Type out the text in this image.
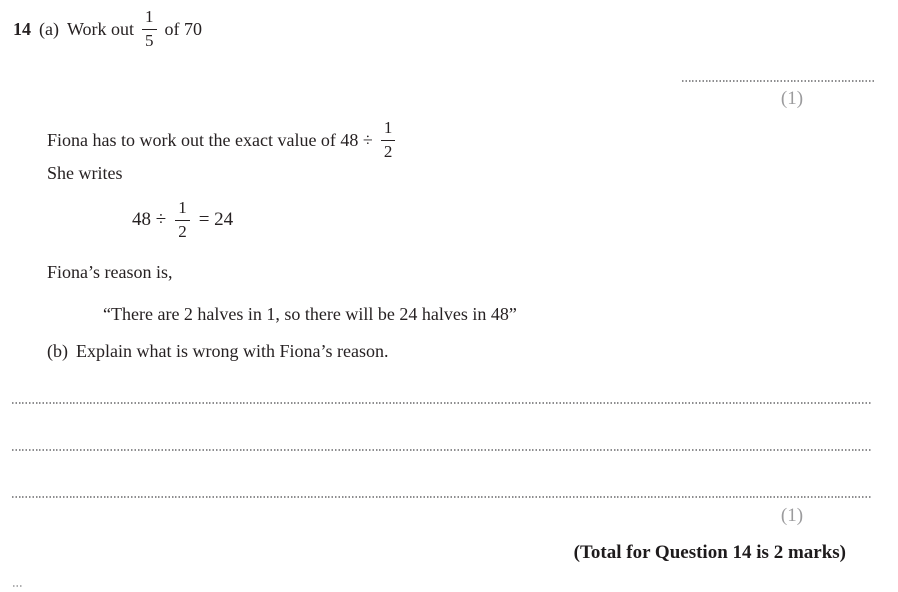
14 (a) Work out $\frac{1}{5}$ of 70
(1)
Fiona has to work out the exact value of $48 \div \frac{1}{2}$
She writes
$48 \div \frac{1}{2} = 24$
Fiona’s reason is,
“There are 2 halves in 1, so there will be 24 halves in 48”
(b) Explain what is wrong with Fiona’s reason.
(1)
(Total for Question 14 is 2 marks)
